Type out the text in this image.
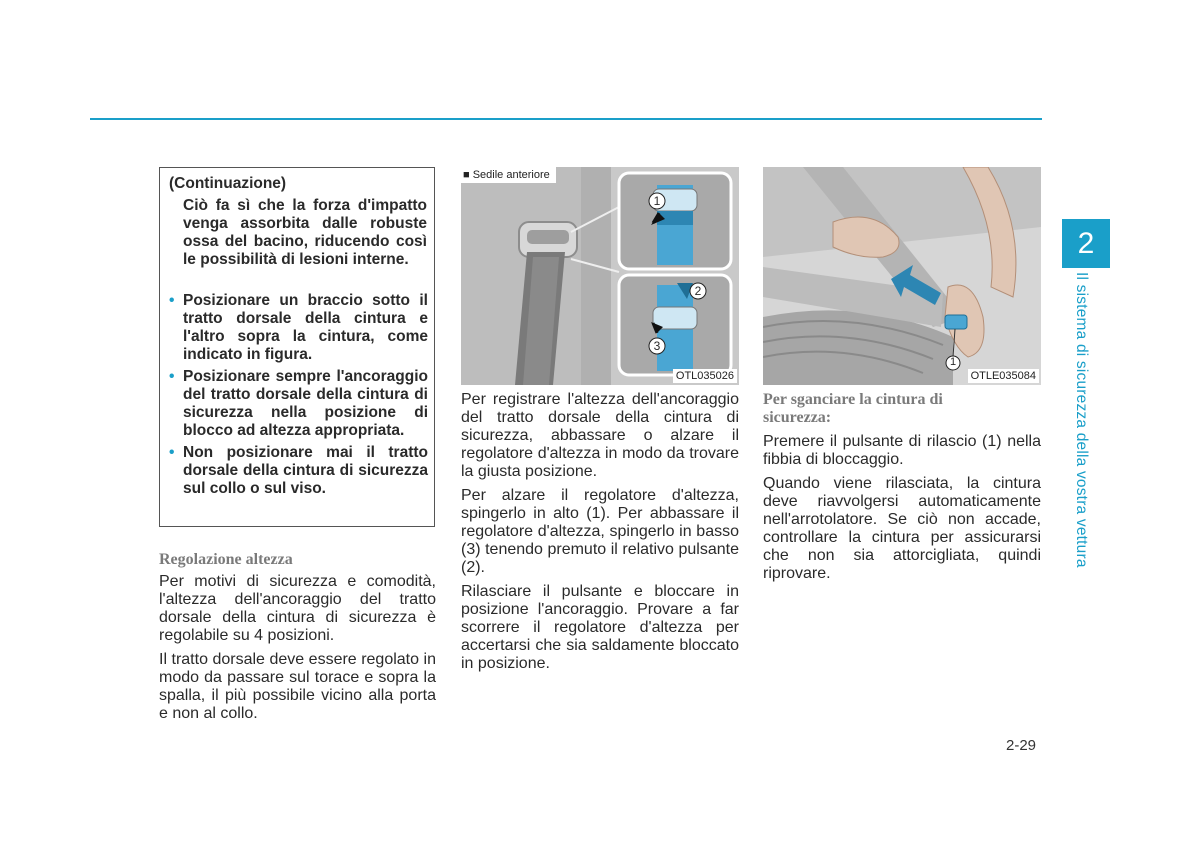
2
Il sistema di sicurezza della vostra vettura
(Continuazione)
Ciò fa sì che la forza d'impatto venga assorbita dalle robuste ossa del bacino, riducendo così le possibilità di lesioni interne.
• Posizionare un braccio sotto il tratto dorsale della cintura e l'altro sopra la cintura, come indicato in figura.
• Posizionare sempre l'ancoraggio del tratto dorsale della cintura di sicurezza nella posizione di blocco ad altezza appropriata.
• Non posizionare mai il tratto dorsale della cintura di sicurezza sul collo o sul viso.
Regolazione altezza

Per motivi di sicurezza e comodità, l'altezza dell'ancoraggio del tratto dorsale della cintura di sicurezza è regolabile su 4 posizioni.

Il tratto dorsale deve essere regolato in modo da passare sul torace e sopra la spalla, il più possibile vicino alla porta e non al collo.

1
2
3
■ Sedile anteriore
OTL035026

Per registrare l'altezza dell'ancoraggio del tratto dorsale della cintura di sicurezza, abbassare o alzare il regolatore d'altezza in modo da trovare la giusta posizione.

Per alzare il regolatore d'altezza, spingerlo in alto (1). Per abbassare il regolatore d'altezza, spingerlo in basso (3) tenendo premuto il relativo pulsante (2).

Rilasciare il pulsante e bloccare in posizione l'ancoraggio. Provare a far scorrere il regolatore d'altezza per accertarsi che sia saldamente bloccato in posizione.

1
OTLE035084
Per sganciare la cintura di sicurezza:

Premere il pulsante di rilascio (1) nella fibbia di bloccaggio.

Quando viene rilasciata, la cintura deve riavvolgersi automaticamente nell'arrotolatore. Se ciò non accade, controllare la cintura per assicurarsi che non sia attorcigliata, quindi riprovare.

2-29
